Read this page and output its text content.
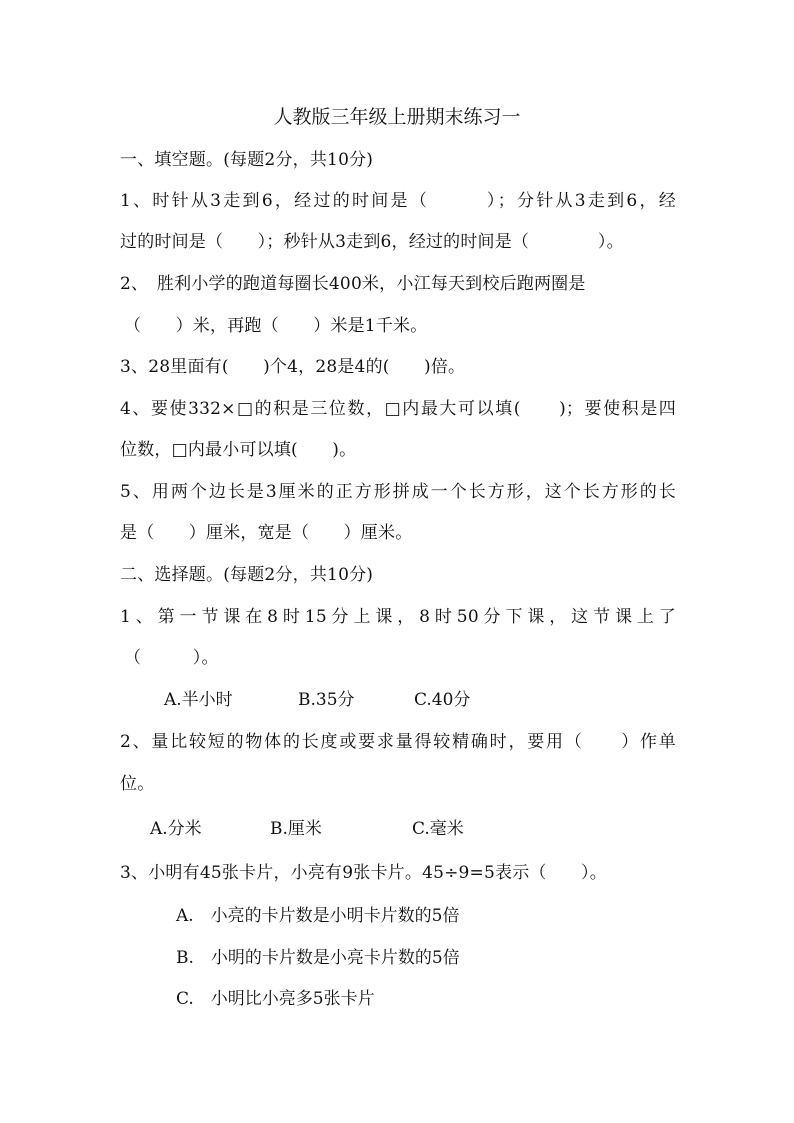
人教版三年级上册期末练习一
一、填空题。(每题2分，共10分)
1、时针从3走到6，经过的时间是（　　　）；分针从3走到6，经
过的时间是（　　）；秒针从3走到6，经过的时间是（　　　　）。
2、　胜利小学的跑道每圈长400米，小江每天到校后跑两圈是
（　　）米，再跑（　　）米是1千米。
3、28里面有(　　)个4，28是4的(　　)倍。
4、要使332×□的积是三位数，□内最大可以填(　　)；要使积是四
位数，□内最小可以填(　　)。
5、用两个边长是3厘米的正方形拼成一个长方形，这个长方形的长
是（　　）厘米，宽是（　　）厘米。
二、选择题。(每题2分，共10分)
1、第一节课在8时15分上课，8时50分下课，这节课上了
（　　　）。
A.半小时	B.35分	C.40分
2、量比较短的物体的长度或要求量得较精确时，要用（　　）作单
位。
A.分米	B.厘米	C.毫米
3、小明有45张卡片，小亮有9张卡片。45÷9=5表示（　　）。
A.　小亮的卡片数是小明卡片数的5倍
B.　小明的卡片数是小亮卡片数的5倍
C.　小明比小亮多5张卡片
